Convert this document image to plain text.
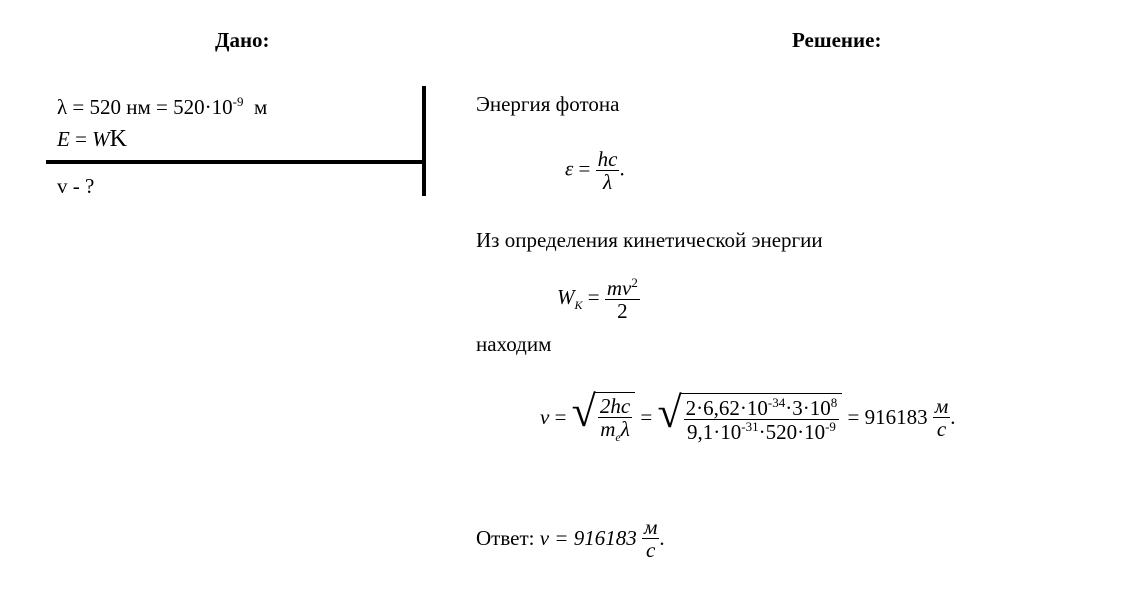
Дано:	Решение:
λ = 520 нм = $520\cdot 10^{-9}$ м
E = WK
v - ?
Энергия фотона
$\varepsilon = \frac{hc}{\lambda}$ .
Из определения кинетической энергии
$W_K = \frac{mv^2}{2}$
находим
v
=
√ $\frac{2hc}{m_e\lambda}$
=
√ $\frac{2\cdot 6,62\cdot 10^{-34}\cdot 3\cdot 10^8}{9,1\cdot 10^{-31}\cdot 520\cdot 10^{-9}}$
= 916183
$\frac{м}{с}$ .
Ответ:
v = 916183
$\frac{м}{с}$ .
